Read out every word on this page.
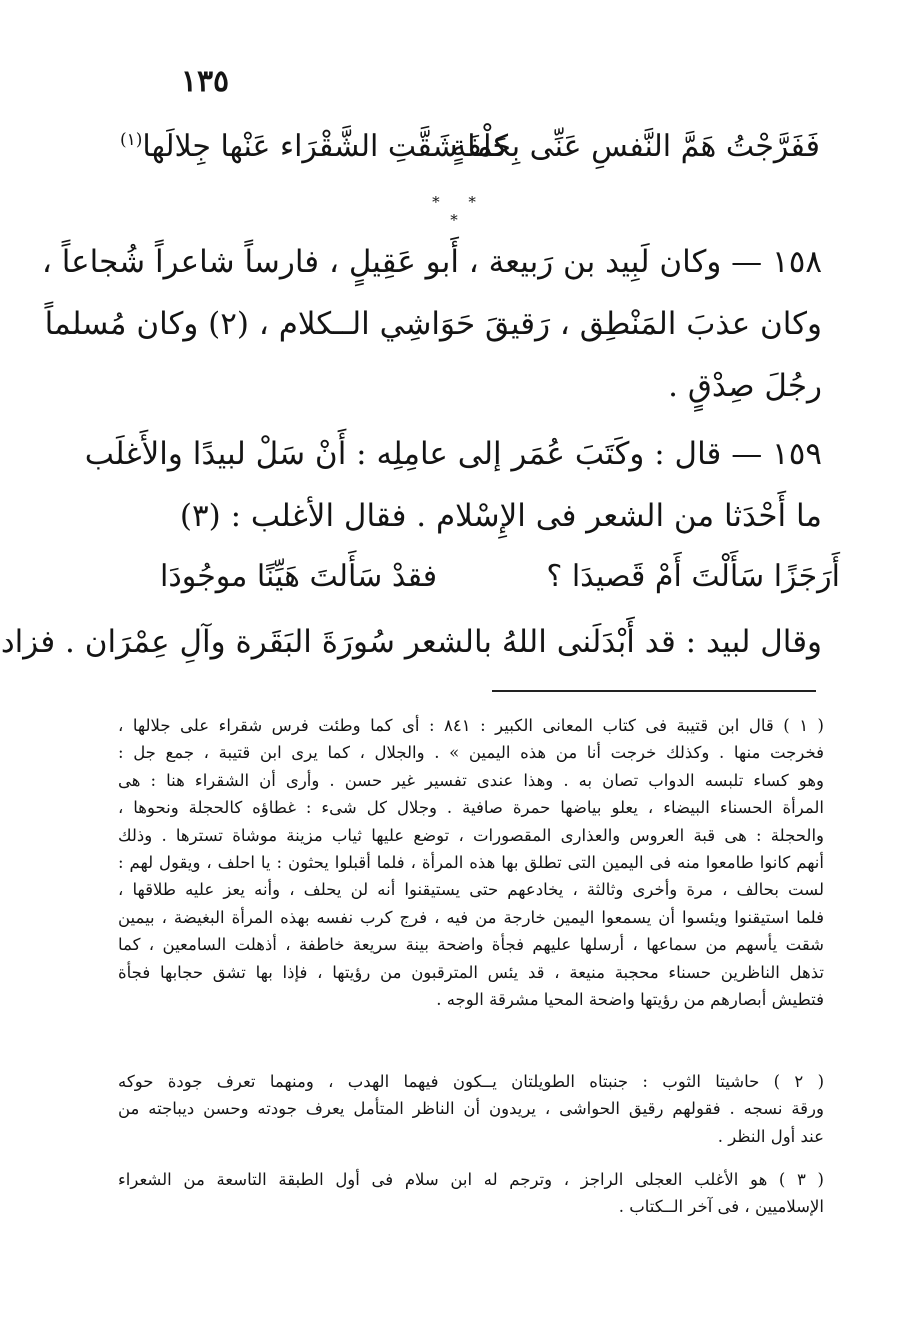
١٣٥
فَفَرَّجْتُ هَمَّ النَّفسِ عَنِّى بِحَلْفَةٍ
كما شَقَّتِ الشَّقْرَاء عَنْها جِلالَها$^{(١)}$
* * *
١٥٨ — وكان لَبِيد بن رَبيعة ، أَبو عَقِيلٍ ، فارساً شاعراً شُجاعاً ،
وكان عذبَ المَنْطِق ، رَقيقَ حَوَاشِي الــكلام ، (٢) وكان مُسلماً
رجُلَ صِدْقٍ .
١٥٩ — قال : وكَتَبَ عُمَر إلى عامِلِه : أَنْ سَلْ لبيدًا والأَغلَب
ما أَحْدَثا من الشعر فى الإِسْلام . فقال الأغلب : (٣)
أَرَجَزًا سَأَلْتَ أَمْ قَصيدَا ؟
فقدْ سَأَلتَ هَيِّنًا موجُودَا
وقال لبيد : قد أَبْدَلَنى اللهُ بالشعر سُورَةَ البَقَرة وآلِ عِمْرَان . فزاد
( ١ ) قال ابن قتيبة فى كتاب المعانى الكبير : ٨٤١ : أى كما وطئت فرس شقراء على جلالها ،
فخرجت منها . وكذلك خرجت أنا من هذه اليمين » . والجلال ، كما يرى ابن قتيبة ، جمع جل :
وهو كساء تلبسه الدواب تصان به . وهذا عندى تفسير غير حسن . وأرى أن الشقراء هنا : هى
المرأة الحسناء البيضاء ، يعلو بياضها حمرة صافية . وجلال كل شىء : غطاؤه كالحجلة ونحوها ،
والحجلة : هى قبة العروس والعذارى المقصورات ، توضع عليها ثياب مزينة موشاة تسترها . وذلك
أنهم كانوا طامعوا منه فى اليمين التى تطلق بها هذه المرأة ، فلما أقبلوا يحثون : يا احلف ، ويقول لهم :
لست بحالف ، مرة وأخرى وثالثة ، يخادعهم حتى يستيقنوا أنه لن يحلف ، وأنه يعز عليه طلاقها ،
فلما استيقنوا ويئسوا أن يسمعوا اليمين خارجة من فيه ، فرج كرب نفسه بهذه المرأة البغيضة ، بيمين
شقت يأسهم من سماعها ، أرسلها عليهم فجأة واضحة بينة سريعة خاطفة ، أذهلت السامعين ، كما
تذهل الناظرين حسناء محجبة منيعة ، قد يئس المترقبون من رؤيتها ، فإذا بها تشق حجابها فجأة
فتطيش أبصارهم من رؤيتها واضحة المحيا مشرقة الوجه .
( ٢ ) حاشيتا الثوب : جنبتاه الطويلتان يــكون فيهما الهدب ، ومنهما تعرف جودة حوكه
ورقة نسجه . فقولهم رقيق الحواشى ، يريدون أن الناظر المتأمل يعرف جودته وحسن ديباجته من
عند أول النظر .
( ٣ ) هو الأغلب العجلى الراجز ، وترجم له ابن سلام فى أول الطبقة التاسعة من الشعراء
الإسلاميين ، فى آخر الــكتاب .
